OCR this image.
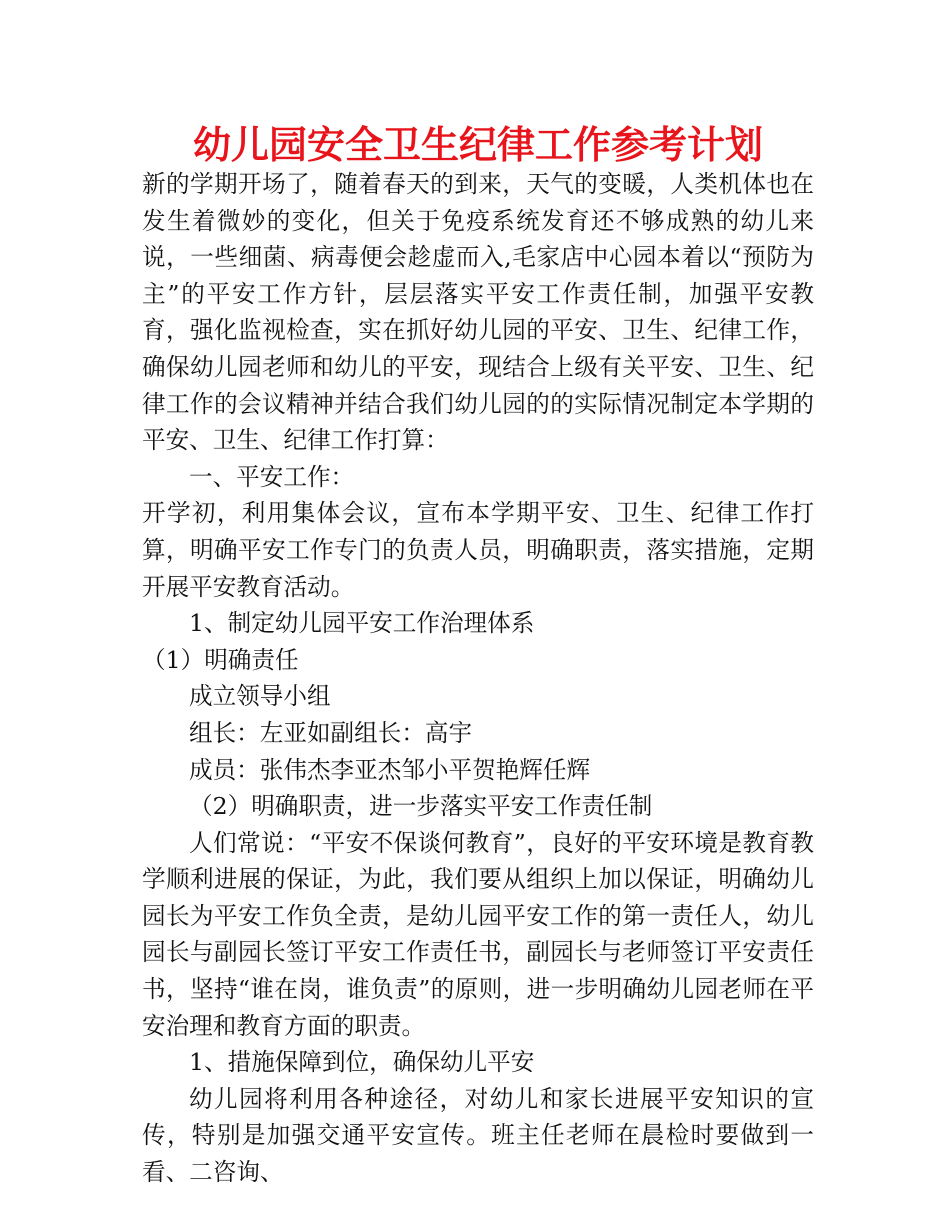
幼儿园安全卫生纪律工作参考计划

新的学期开场了，随着春天的到来，天气的变暖，人类机体也在发生着微妙的变化，但关于免疫系统发育还不够成熟的幼儿来说，一些细菌、病毒便会趁虚而入,毛家店中心园本着以“预防为主”的平安工作方针，层层落实平安工作责任制，加强平安教育，强化监视检查，实在抓好幼儿园的平安、卫生、纪律工作，确保幼儿园老师和幼儿的平安，现结合上级有关平安、卫生、纪律工作的会议精神并结合我们幼儿园的的实际情况制定本学期的平安、卫生、纪律工作打算：

一、平安工作：

开学初，利用集体会议，宣布本学期平安、卫生、纪律工作打算，明确平安工作专门的负责人员，明确职责，落实措施，定期开展平安教育活动。

1、制定幼儿园平安工作治理体系

（1）明确责任

成立领导小组

组长：左亚如副组长：高宇

成员：张伟杰李亚杰邹小平贺艳辉任辉

（2）明确职责，进一步落实平安工作责任制

人们常说：“平安不保谈何教育”，良好的平安环境是教育教学顺利进展的保证，为此，我们要从组织上加以保证，明确幼儿园长为平安工作负全责，是幼儿园平安工作的第一责任人，幼儿园长与副园长签订平安工作责任书，副园长与老师签订平安责任书，坚持“谁在岗，谁负责”的原则，进一步明确幼儿园老师在平安治理和教育方面的职责。

1、措施保障到位，确保幼儿平安

幼儿园将利用各种途径，对幼儿和家长进展平安知识的宣传，特别是加强交通平安宣传。班主任老师在晨检时要做到一看、二咨询、
